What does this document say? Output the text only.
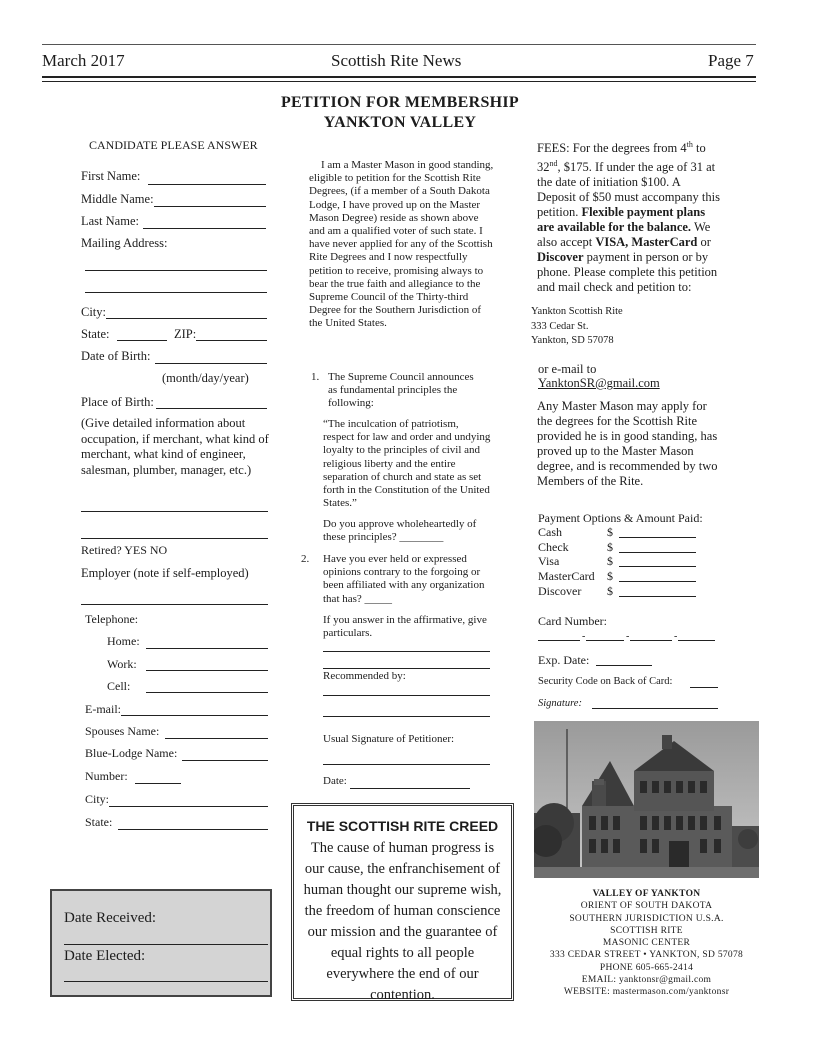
March 2017	Scottish Rite News	Page 7
PETITION FOR MEMBERSHIP
YANKTON VALLEY
CANDIDATE PLEASE ANSWER
First Name:
Middle Name:
Last Name:
Mailing Address:
City:
State:	ZIP:
Date of Birth:
(month/day/year)
Place of Birth:
(Give detailed information about occupation, if merchant, what kind of merchant, what kind of engineer, salesman, plumber, manager, etc.)
Retired? YES NO
Employer (note if self-employed)
Telephone:
Home:
Work:
Cell:
E-mail:
Spouses Name:
Blue-Lodge Name:
Number:
City:
State:
Date Received:
Date Elected:
I am a Master Mason in good standing, eligible to petition for the Scottish Rite Degrees, (if a member of a South Dakota Lodge, I have proved up on the Master Mason Degree) reside as shown above and am a qualified voter of such state. I have never applied for any of the Scottish Rite Degrees and I now respectfully petition to receive, promising always to bear the true faith and allegiance to the Supreme Council of the Thirty-third Degree for the Southern Jurisdiction of the United States.
1. The Supreme Council announces as fundamental principles the following:
“The inculcation of patriotism, respect for law and order and undying loyalty to the principles of civil and religious liberty and the entire separation of church and state as set forth in the Constitution of the United States.”
Do you approve wholeheartedly of these principles? ________
2. Have you ever held or expressed opinions contrary to the forgoing or been affiliated with any organization that has? _____
If you answer in the affirmative, give particulars.
Recommended by:
Usual Signature of Petitioner:
Date:
THE SCOTTISH RITE CREED
The cause of human progress is our cause, the enfranchisement of human thought our supreme wish, the freedom of human conscience our mission and the guarantee of equal rights to all people everywhere the end of our contention.
FEES: For the degrees from 4th to 32nd, $175. If under the age of 31 at the date of initiation $100. A Deposit of $50 must accompany this petition. Flexible payment plans are available for the balance. We also accept VISA, MasterCard or Discover payment in person or by phone. Please complete this petition and mail check and petition to:
Yankton Scottish Rite
333 Cedar St.
Yankton, SD 57078
or e-mail to
YanktonSR@gmail.com
Any Master Mason may apply for the degrees for the Scottish Rite provided he is in good standing, has proved up to the Master Mason degree, and is recommended by two Members of the Rite.
Payment Options & Amount Paid:
Cash	$
Check	$
Visa	$
MasterCard $
Discover $
Card Number:
-	-	-
Exp. Date:
Security Code on Back of Card:
Signature:
VALLEY OF YANKTON
ORIENT OF SOUTH DAKOTA
SOUTHERN JURISDICTION U.S.A.
SCOTTISH RITE
MASONIC CENTER
333 CEDAR STREET • YANKTON, SD 57078
PHONE 605-665-2414
EMAIL: yanktonsr@gmail.com
WEBSITE: mastermason.com/yanktonsr
